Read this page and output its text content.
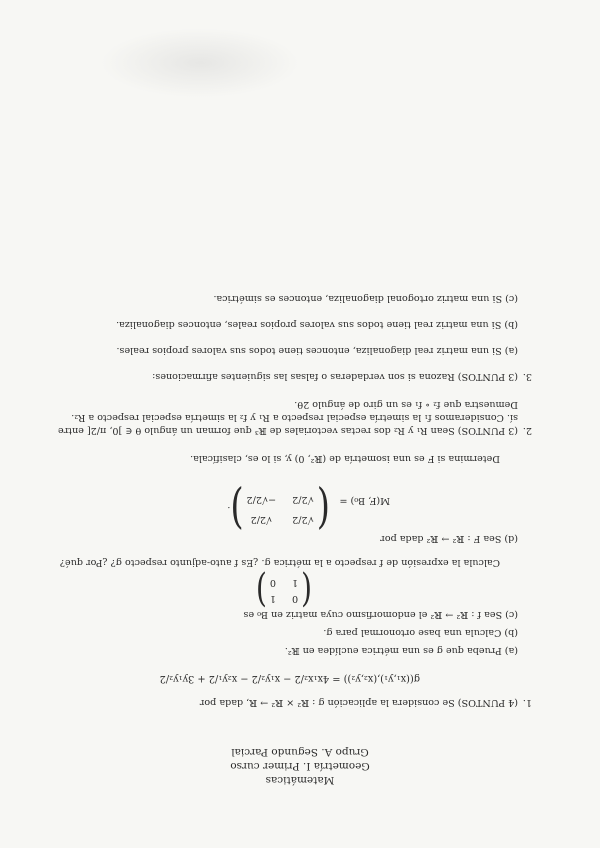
Matemáticas
Geometría I. Primer curso
Grupo A. Segundo Parcial
1.
(4 PUNTOS) Se considera la aplicación g : ℝ² × ℝ² → ℝ, dada por
g((x₁,y₁),(x₂,y₂)) = 4x₁x₂/2 − x₁y₂/2 − x₂y₁/2 + 3y₁y₂/2
(a) Prueba que g es una métrica euclídea en ℝ².
(b) Calcula una base ortonormal para g.
(c) Sea f : ℝ² → ℝ² el endomorfismo cuya matriz en B₀ es
(
0
1
1
0
)
Calcula la expresión de f respecto a la métrica g. ¿Es f auto-adjunto respecto g? ¿Por qué?
(d) Sea F : ℝ² → ℝ² dada por
M(F, B₀) =
(
√2/2
√2/2
√2/2
−√2/2
)
.
Determina si F es una isometría de (ℝ², 0) y, si lo es, clasifícala.
2.
(3 PUNTOS) Sean R₁ y R₂ dos rectas vectoriales de ℝ³ que forman un ángulo θ ∈ ]0, π/2[ entre
sí. Consideramos f₁ la simetría especial respecto a R₁ y f₂ la simetría especial respecto a R₂.
Demuestra que f₂ ∘ f₁ es un giro de ángulo 2θ.
3.
(3 PUNTOS) Razona si son verdaderas o falsas las siguientes afirmaciones:
(a) Si una matriz real diagonaliza, entonces tiene todos sus valores propios reales.
(b) Si una matriz real tiene todos sus valores propios reales, entonces diagonaliza.
(c) Si una matriz ortogonal diagonaliza, entonces es simétrica.
